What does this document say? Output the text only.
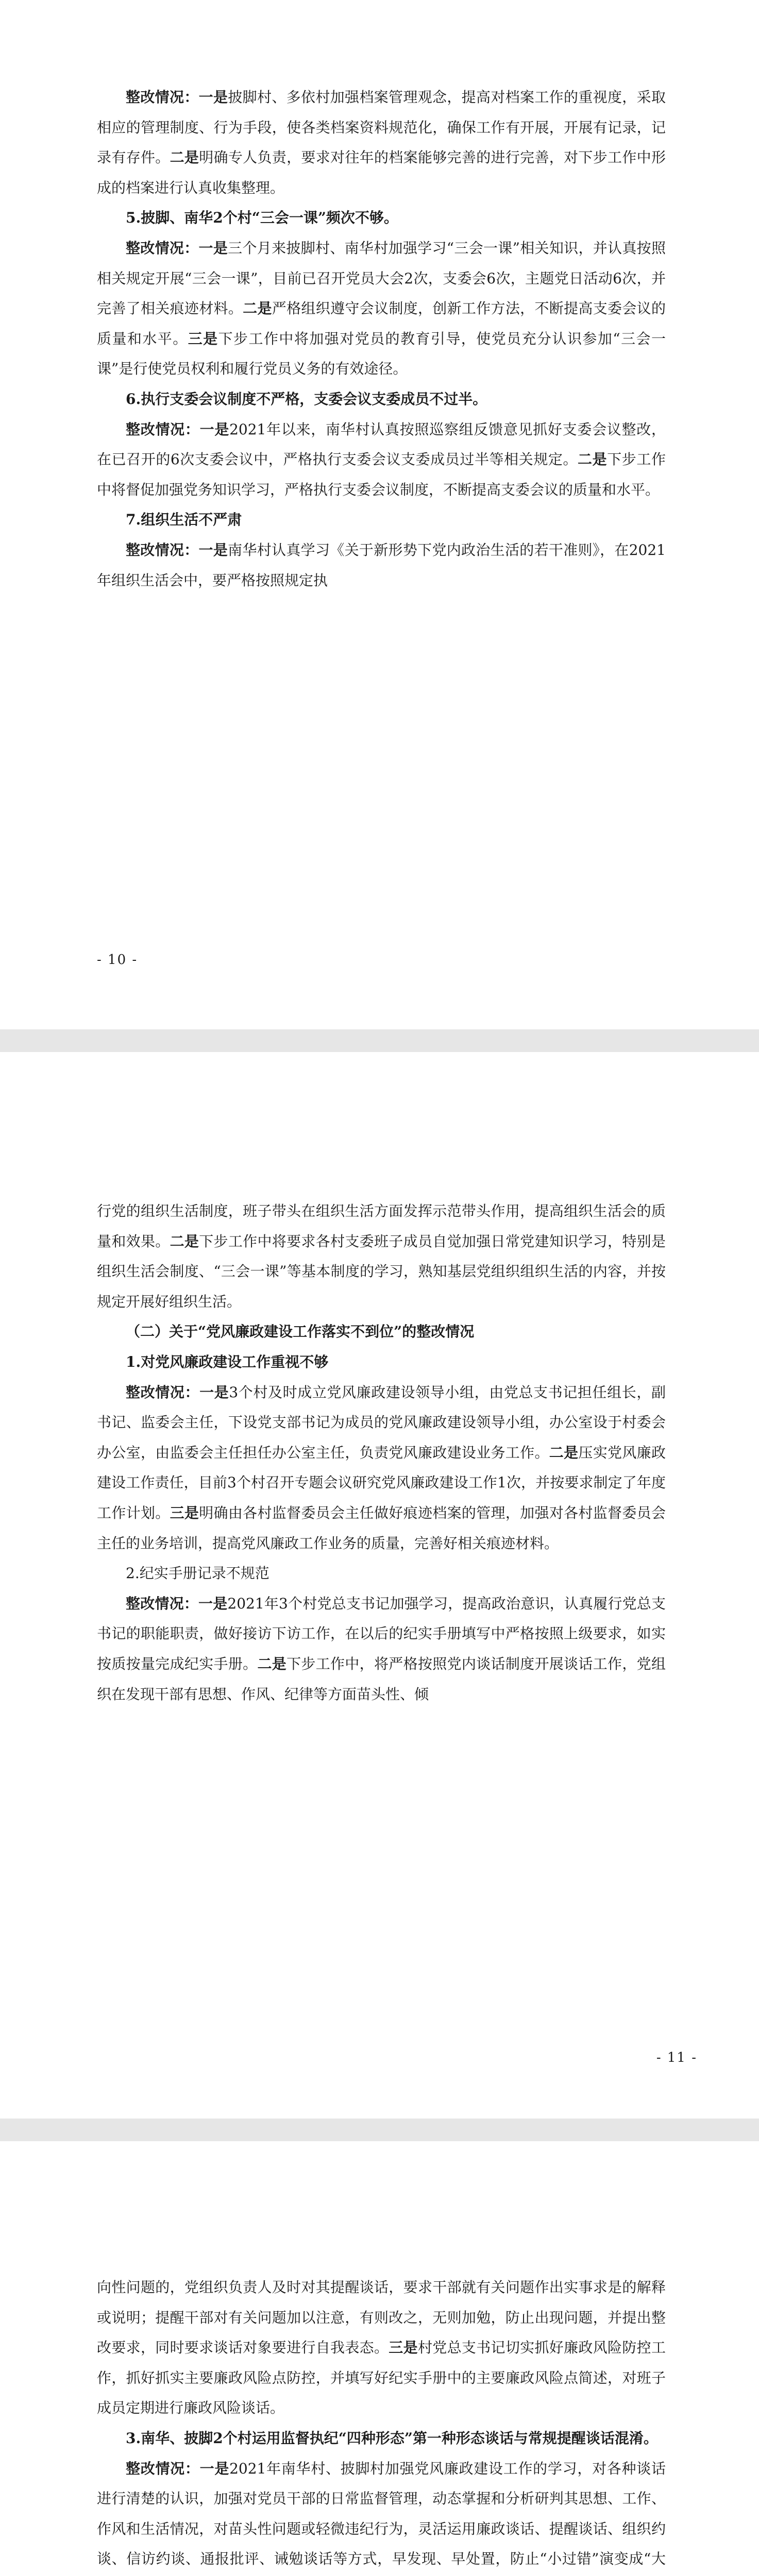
整改情况：一是披脚村、多依村加强档案管理观念，提高对档案工作的重视度，采取相应的管理制度、行为手段，使各类档案资料规范化，确保工作有开展，开展有记录，记录有存件。二是明确专人负责，要求对往年的档案能够完善的进行完善，对下步工作中形成的档案进行认真收集整理。

5.披脚、南华2个村“三会一课”频次不够。

整改情况：一是三个月来披脚村、南华村加强学习“三会一课”相关知识，并认真按照相关规定开展“三会一课”，目前已召开党员大会2次，支委会6次，主题党日活动6次，并完善了相关痕迹材料。二是严格组织遵守会议制度，创新工作方法，不断提高支委会议的质量和水平。三是下步工作中将加强对党员的教育引导，使党员充分认识参加“三会一课”是行使党员权利和履行党员义务的有效途径。

6.执行支委会议制度不严格，支委会议支委成员不过半。

整改情况：一是2021年以来，南华村认真按照巡察组反馈意见抓好支委会议整改，在已召开的6次支委会议中，严格执行支委会议支委成员过半等相关规定。二是下步工作中将督促加强党务知识学习，严格执行支委会议制度，不断提高支委会议的质量和水平。

7.组织生活不严肃

整改情况：一是南华村认真学习《关于新形势下党内政治生活的若干准则》，在2021年组织生活会中，要严格按照规定执

- 10 -

行党的组织生活制度，班子带头在组织生活方面发挥示范带头作用，提高组织生活会的质量和效果。二是下步工作中将要求各村支委班子成员自觉加强日常党建知识学习，特别是组织生活会制度、“三会一课”等基本制度的学习，熟知基层党组织组织生活的内容，并按规定开展好组织生活。

（二）关于“党风廉政建设工作落实不到位”的整改情况

1.对党风廉政建设工作重视不够

整改情况：一是3个村及时成立党风廉政建设领导小组，由党总支书记担任组长，副书记、监委会主任，下设党支部书记为成员的党风廉政建设领导小组，办公室设于村委会办公室，由监委会主任担任办公室主任，负责党风廉政建设业务工作。二是压实党风廉政建设工作责任，目前3个村召开专题会议研究党风廉政建设工作1次，并按要求制定了年度工作计划。三是明确由各村监督委员会主任做好痕迹档案的管理，加强对各村监督委员会主任的业务培训，提高党风廉政工作业务的质量，完善好相关痕迹材料。

2.纪实手册记录不规范

整改情况：一是2021年3个村党总支书记加强学习，提高政治意识，认真履行党总支书记的职能职责，做好接访下访工作，在以后的纪实手册填写中严格按照上级要求，如实按质按量完成纪实手册。二是下步工作中，将严格按照党内谈话制度开展谈话工作，党组织在发现干部有思想、作风、纪律等方面苗头性、倾

- 11 -

向性问题的，党组织负责人及时对其提醒谈话，要求干部就有关问题作出实事求是的解释或说明；提醒干部对有关问题加以注意，有则改之，无则加勉，防止出现问题，并提出整改要求，同时要求谈话对象要进行自我表态。三是村党总支书记切实抓好廉政风险防控工作，抓好抓实主要廉政风险点防控，并填写好纪实手册中的主要廉政风险点简述，对班子成员定期进行廉政风险谈话。

3.南华、披脚2个村运用监督执纪“四种形态”第一种形态谈话与常规提醒谈话混淆。

整改情况：一是2021年南华村、披脚村加强党风廉政建设工作的学习，对各种谈话进行清楚的认识，加强对党员干部的日常监督管理，动态掌握和分析研判其思想、工作、作风和生活情况，对苗头性问题或轻微违纪行为，灵活运用廉政谈话、提醒谈话、组织约谈、信访约谈、通报批评、诫勉谈话等方式，早发现、早处置，防止“小过错”演变成“大
